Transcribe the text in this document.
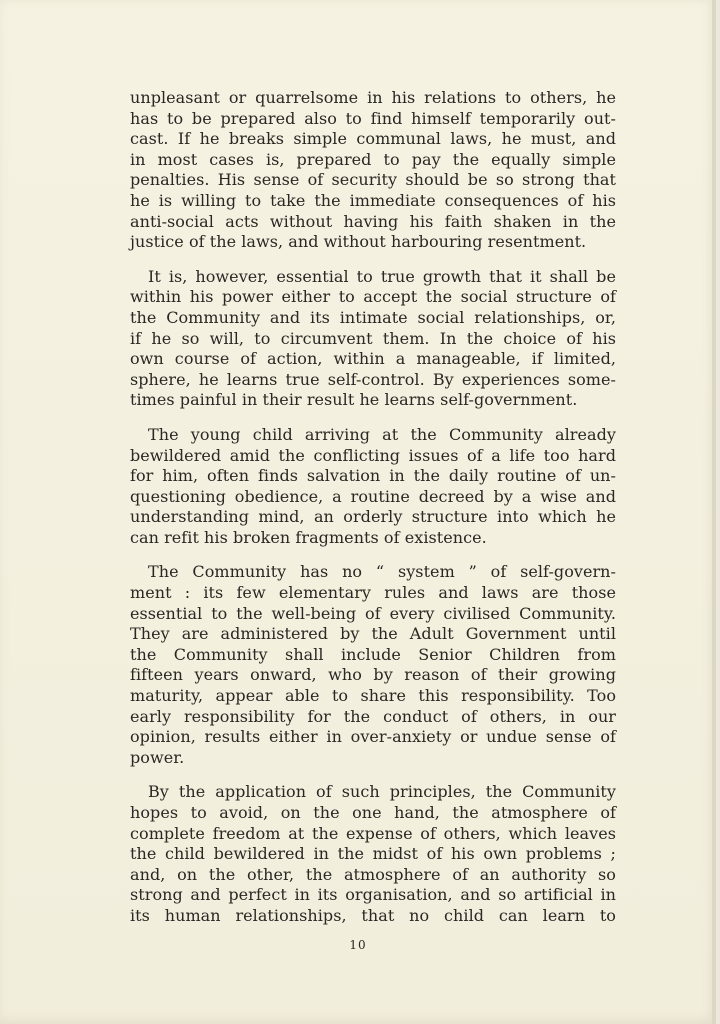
unpleasant or quarrelsome in his relations to others, he
has to be prepared also to find himself temporarily out-
cast. If he breaks simple communal laws, he must, and
in most cases is, prepared to pay the equally simple
penalties. His sense of security should be so strong that
he is willing to take the immediate consequences of his
anti-social acts without having his faith shaken in the
justice of the laws, and without harbouring resentment.

It is, however, essential to true growth that it shall be
within his power either to accept the social structure of
the Community and its intimate social relationships, or,
if he so will, to circumvent them. In the choice of his
own course of action, within a manageable, if limited,
sphere, he learns true self-control. By experiences some-
times painful in their result he learns self-government.

The young child arriving at the Community already
bewildered amid the conflicting issues of a life too hard
for him, often finds salvation in the daily routine of un-
questioning obedience, a routine decreed by a wise and
understanding mind, an orderly structure into which he
can refit his broken fragments of existence.

The Community has no “ system ” of self-govern-
ment : its few elementary rules and laws are those
essential to the well-being of every civilised Community.
They are administered by the Adult Government until
the Community shall include Senior Children from
fifteen years onward, who by reason of their growing
maturity, appear able to share this responsibility. Too
early responsibility for the conduct of others, in our
opinion, results either in over-anxiety or undue sense of
power.

By the application of such principles, the Community
hopes to avoid, on the one hand, the atmosphere of
complete freedom at the expense of others, which leaves
the child bewildered in the midst of his own problems ;
and, on the other, the atmosphere of an authority so
strong and perfect in its organisation, and so artificial in
its human relationships, that no child can learn to

10
